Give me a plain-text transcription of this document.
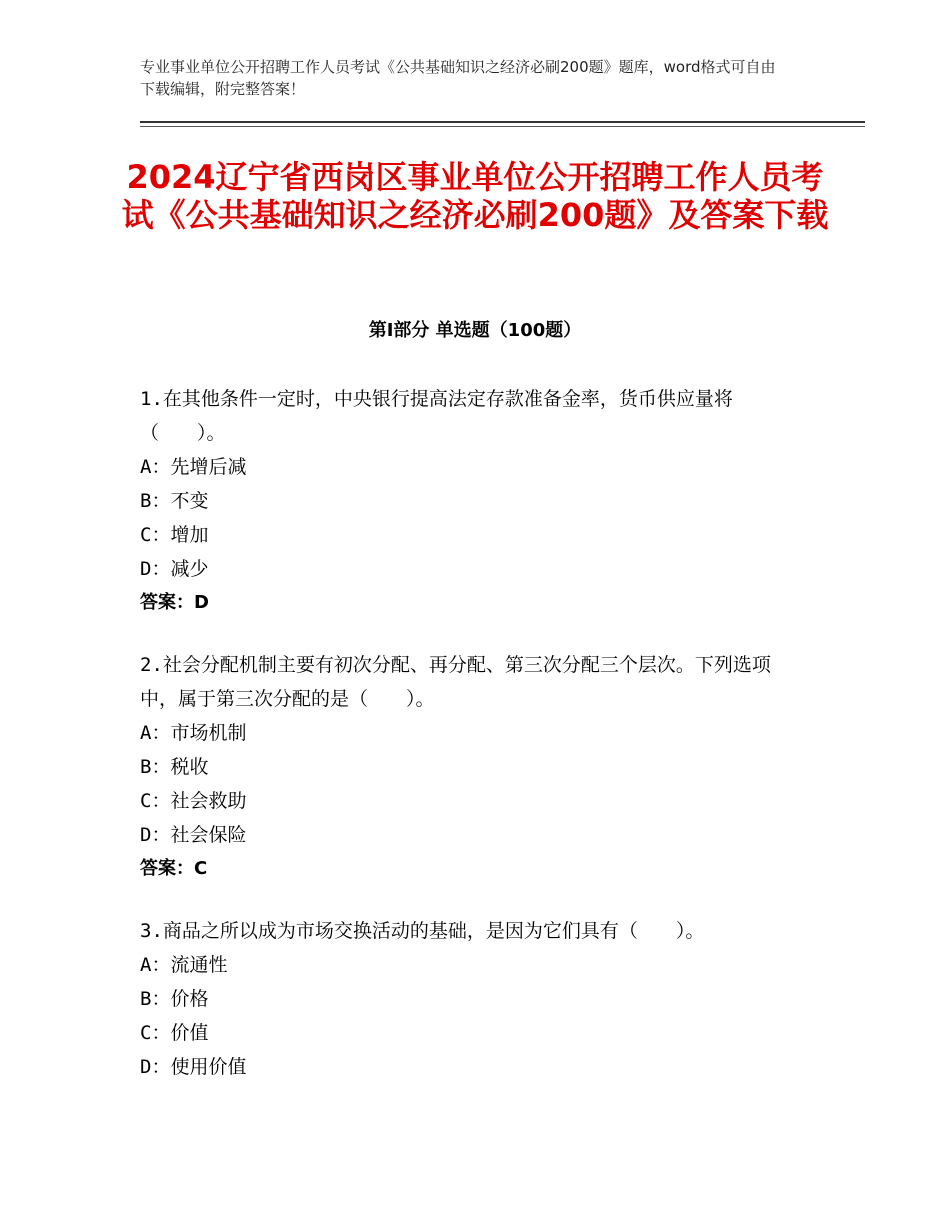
专业事业单位公开招聘工作人员考试《公共基础知识之经济必刷200题》题库，word格式可自由下载编辑，附完整答案！
2024辽宁省西岗区事业单位公开招聘工作人员考试《公共基础知识之经济必刷200题》及答案下载
第Ⅰ部分 单选题（100题）

1.在其他条件一定时，中央银行提高法定存款准备金率，货币供应量将（　　）。

A：先增后减

B：不变

C：增加

D：减少

答案：D

2.社会分配机制主要有初次分配、再分配、第三次分配三个层次。下列选项中，属于第三次分配的是（　　）。

A：市场机制

B：税收

C：社会救助

D：社会保险

答案：C

3.商品之所以成为市场交换活动的基础，是因为它们具有（　　）。

A：流通性

B：价格

C：价值

D：使用价值
